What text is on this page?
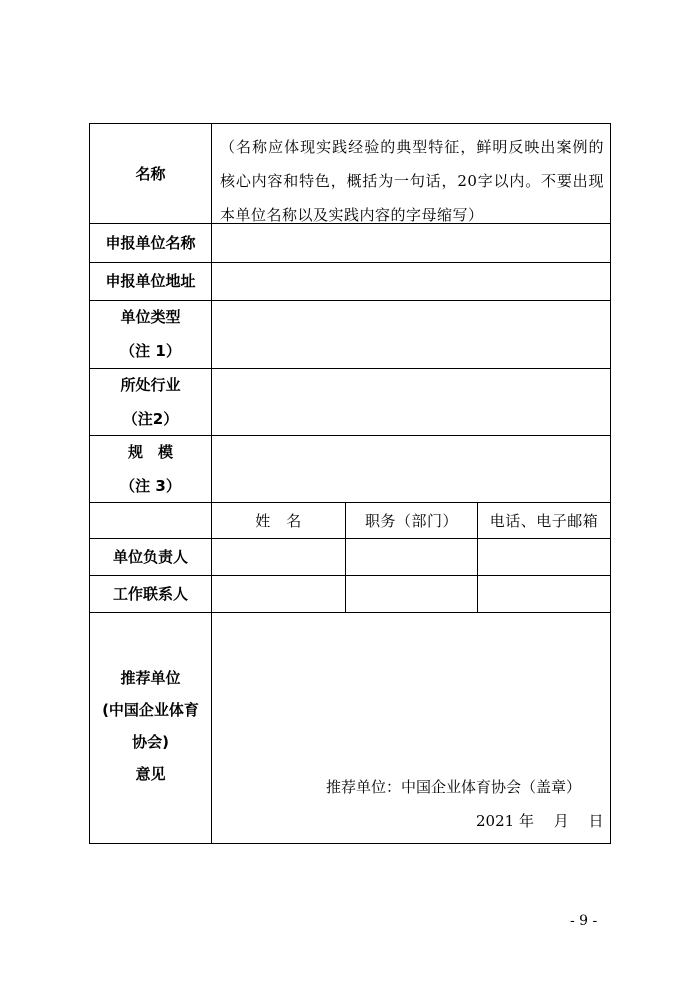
名称
（名称应体现实践经验的典型特征，鲜明反映出案例的核心内容和特色，概括为一句话，20字以内。不要出现本单位名称以及实践内容的字母缩写）
申报单位名称
申报单位地址
单位类型
（注 1）
所处行业
（注2）
规　模
（注 3）
姓　名	职务（部门）	电话、电子邮箱
单位负责人
工作联系人
推荐单位
(中国企业体育
协会)
意见
推荐单位：中国企业体育协会（盖章）
2021 年　 月　 日
- 9 -
